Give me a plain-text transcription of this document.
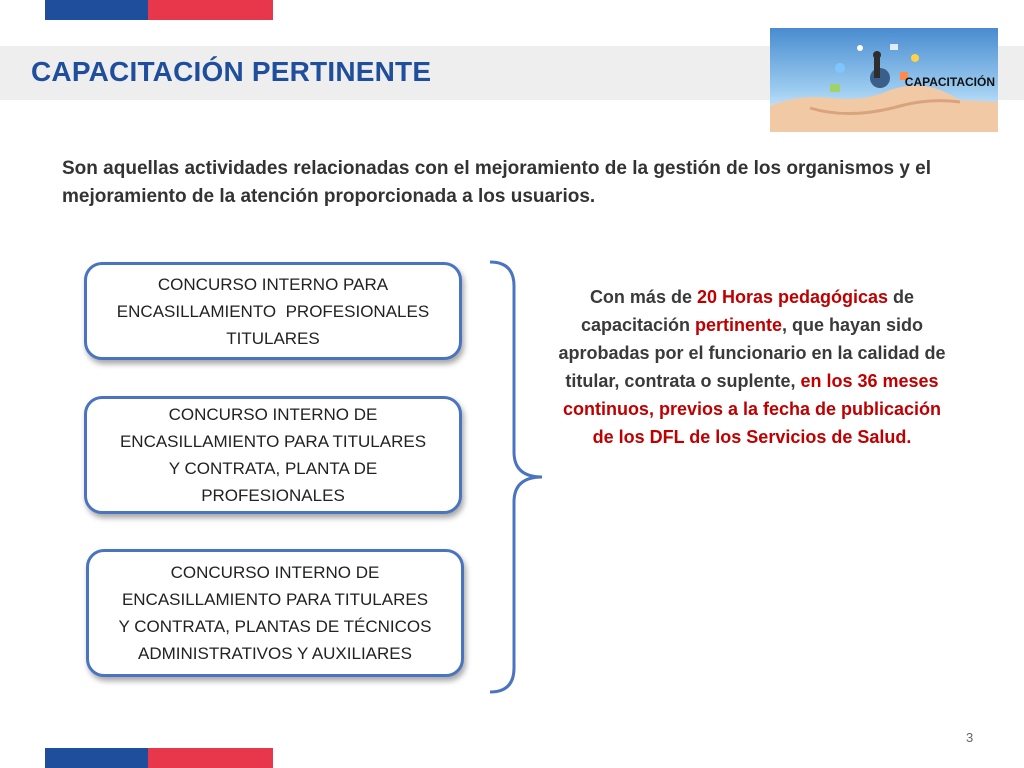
CAPACITACIÓN PERTINENTE	CAPACITACIÓN
Son aquellas actividades relacionadas con el mejoramiento de la gestión de los organismos y el mejoramiento de la atención proporcionada a los usuarios.
CONCURSO INTERNO PARA
ENCASILLAMIENTO  PROFESIONALES
TITULARES
CONCURSO INTERNO DE
ENCASILLAMIENTO PARA TITULARES
Y CONTRATA, PLANTA DE
PROFESIONALES
CONCURSO INTERNO DE
ENCASILLAMIENTO PARA TITULARES
Y CONTRATA, PLANTAS DE TÉCNICOS
ADMINISTRATIVOS Y AUXILIARES
Con más de 20 Horas pedagógicas de capacitación pertinente, que hayan sido aprobadas por el funcionario en la calidad de titular, contrata o suplente, en los 36 meses continuos, previos a la fecha de publicación de los DFL de los Servicios de Salud.
3
